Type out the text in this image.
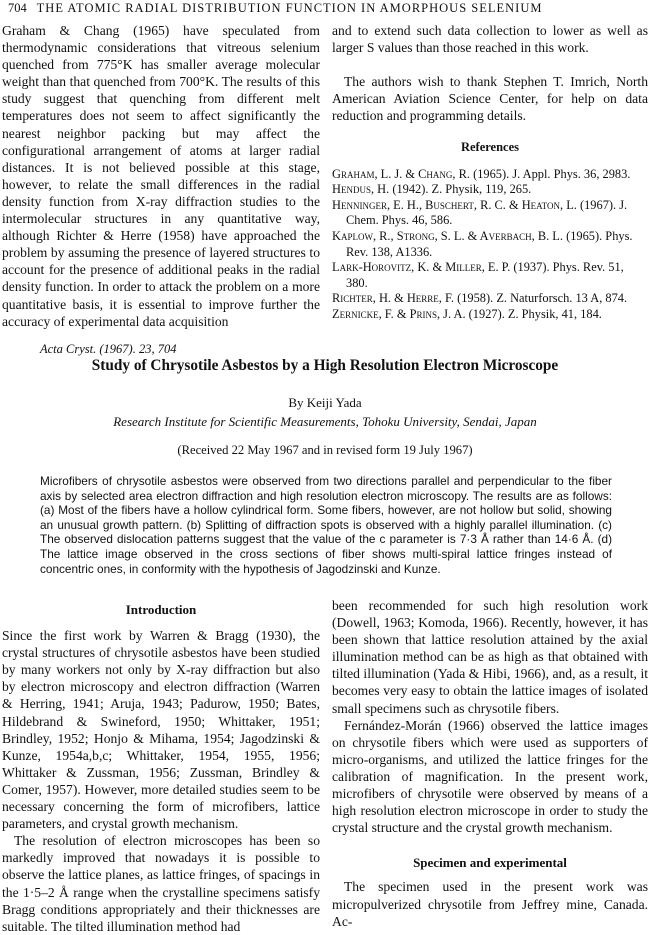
704 THE ATOMIC RADIAL DISTRIBUTION FUNCTION IN AMORPHOUS SELENIUM

Graham & Chang (1965) have speculated from thermodynamic considerations that vitreous selenium quenched from 775°K has smaller average molecular weight than that quenched from 700°K. The results of this study suggest that quenching from different melt temperatures does not seem to affect significantly the nearest neighbor packing but may affect the configurational arrangement of atoms at larger radial distances. It is not believed possible at this stage, however, to relate the small differences in the radial density function from X-ray diffraction studies to the intermolecular structures in any quantitative way, although Richter & Herre (1958) have approached the problem by assuming the presence of layered structures to account for the presence of additional peaks in the radial density function. In order to attack the problem on a more quantitative basis, it is essential to improve further the accuracy of experimental data acquisition

and to extend such data collection to lower as well as larger S values than those reached in this work.

The authors wish to thank Stephen T. Imrich, North American Aviation Science Center, for help on data reduction and programming details.

References
Graham, L. J. & Chang, R. (1965). J. Appl. Phys. 36, 2983.
Hendus, H. (1942). Z. Physik, 119, 265.
Henninger, E. H., Buschert, R. C. & Heaton, L. (1967). J. Chem. Phys. 46, 586.
Kaplow, R., Strong, S. L. & Averbach, B. L. (1965). Phys. Rev. 138, A1336.
Lark-Horovitz, K. & Miller, E. P. (1937). Phys. Rev. 51, 380.
Richter, H. & Herre, F. (1958). Z. Naturforsch. 13 A, 874.
Zernicke, F. & Prins, J. A. (1927). Z. Physik, 41, 184.
Acta Cryst. (1967). 23, 704
Study of Chrysotile Asbestos by a High Resolution Electron Microscope
By Keiji Yada
Research Institute for Scientific Measurements, Tohoku University, Sendai, Japan
(Received 22 May 1967 and in revised form 19 July 1967)
Microfibers of chrysotile asbestos were observed from two directions parallel and perpendicular to the fiber axis by selected area electron diffraction and high resolution electron microscopy. The results are as follows: (a) Most of the fibers have a hollow cylindrical form. Some fibers, however, are not hollow but solid, showing an unusual growth pattern. (b) Splitting of diffraction spots is observed with a highly parallel illumination. (c) The observed dislocation patterns suggest that the value of the c parameter is 7·3 Å rather than 14·6 Å. (d) The lattice image observed in the cross sections of fiber shows multi-spiral lattice fringes instead of concentric ones, in conformity with the hypothesis of Jagodzinski and Kunze.
Introduction

Since the first work by Warren & Bragg (1930), the crystal structures of chrysotile asbestos have been studied by many workers not only by X-ray diffraction but also by electron microscopy and electron diffraction (Warren & Herring, 1941; Aruja, 1943; Padurow, 1950; Bates, Hildebrand & Swineford, 1950; Whittaker, 1951; Brindley, 1952; Honjo & Mihama, 1954; Jagodzinski & Kunze, 1954a,b,c; Whittaker, 1954, 1955, 1956; Whittaker & Zussman, 1956; Zussman, Brindley & Comer, 1957). However, more detailed studies seem to be necessary concerning the form of microfibers, lattice parameters, and crystal growth mechanism.

The resolution of electron microscopes has been so markedly improved that nowadays it is possible to observe the lattice planes, as lattice fringes, of spacings in the 1·5–2 Å range when the crystalline specimens satisfy Bragg conditions appropriately and their thicknesses are suitable. The tilted illumination method had

been recommended for such high resolution work (Dowell, 1963; Komoda, 1966). Recently, however, it has been shown that lattice resolution attained by the axial illumination method can be as high as that obtained with tilted illumination (Yada & Hibi, 1966), and, as a result, it becomes very easy to obtain the lattice images of isolated small specimens such as chrysotile fibers.

Fernández-Morán (1966) observed the lattice images on chrysotile fibers which were used as supporters of micro-organisms, and utilized the lattice fringes for the calibration of magnification. In the present work, microfibers of chrysotile were observed by means of a high resolution electron microscope in order to study the crystal structure and the crystal growth mechanism.

Specimen and experimental

The specimen used in the present work was micropulverized chrysotile from Jeffrey mine, Canada. Ac-
